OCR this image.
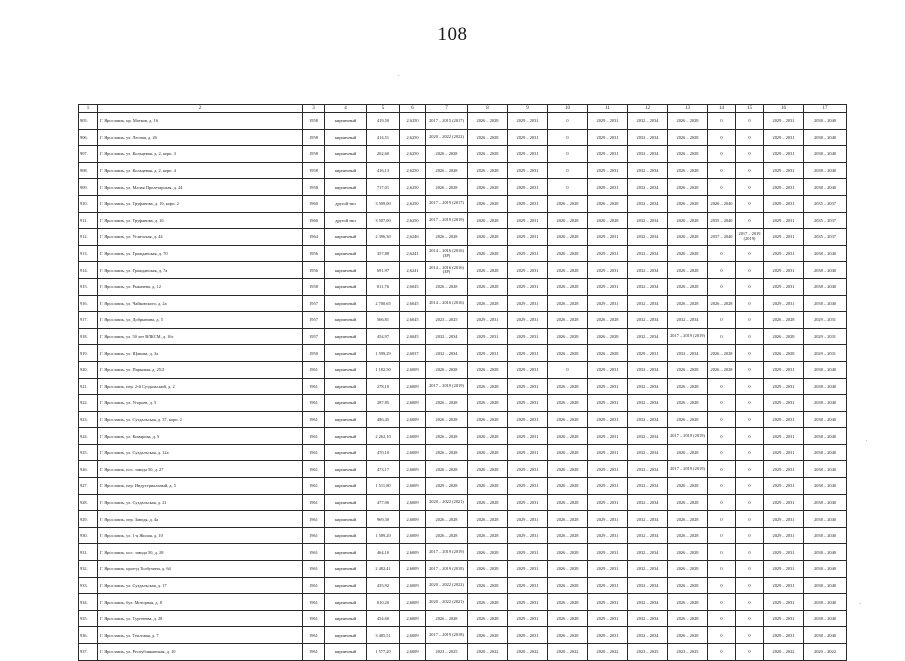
108
.
.
.
1	2	3	4	5	6	7	8	9	10	11	12	13	14	15	16	17
905.	Г. Ярославль, пр. Мотков, д. 16	1958	кирпичный	419,50	2,6250	2017 – 2015 (2017)	2026 – 2028	2029 – 2031	0	2029 – 2031	2032 – 2034	2026 – 2028	0	0	2029 – 2031	2038 – 2040
906.	Г. Ярославль, ул. Лесная, д. 26	1958	кирпичный	414,51	2,6250	2020 – 2022 (2022)	2026 – 2028	2029 – 2031	0	2029 – 2031	2032 – 2034	2026 – 2028	0	0	2029 – 2031	2038 – 2040
907.	Г. Ярославль, ул. Кольцевая, д. 2, корп. 3	1958	кирпичный	262,60	2,6250	2026 – 2028	2026 – 2028	2029 – 2031	0	2029 – 2031	2032 – 2034	2026 – 2028	0	0	2029 – 2031	2038 – 2040
908.	Г. Ярославль, ул. Кольцевая, д. 2, корп. 4	1958	кирпичный	416,13	2,6250	2026 – 2028	2026 – 2028	2029 – 2031	0	2029 – 2031	2032 – 2034	2026 – 2028	0	0	2029 – 2031	2038 – 2040
909.	Г. Ярославль, ул. Малая Пролетарская, д. 24	1958	кирпичный	717,01	2,6250	2026 – 2028	2026 – 2028	2029 – 2031	0	2029 – 2031	2032 – 2034	2026 – 2028	0	0	2029 – 2031	2038 – 2040
910.	Г. Ярославль, ул. Труфанова, д. 19, корп. 2	1960	другой тип	3 509,00	2,6250	2017 – 2019 (2017)	2026 – 2028	2029 – 2031	2026 – 2028	2026 – 2028	2032 – 2034	2026 – 2028	2026 – 2040	0	2029 – 2031	2035 – 2037
911.	Г. Ярославль, ул. Труфанова, д. 16	1960	другой тип	3 507,00	2,6250	2017 – 2019 (2019)	2026 – 2028	2029 – 2031	2026 – 2028	2026 – 2028	2032 – 2034	2026 – 2028	2035 – 2040	0	2029 – 2031	2035 – 2037
912.	Г. Ярославль, ул. Угличская, д. 44	1964	кирпичный	2 396,30	2,6246	2026 – 2028	2026 – 2028	2029 – 2031	2026 – 2028	2029 – 2031	2032 – 2034	2026 – 2028	2037 – 2040	2017 – 2019 (2019)	2029 – 2031	2035 – 2037
913.	Г. Ярославль, ул. Гражданская, д. 70	1956	кирпичный	357,88	2,6241	2014 – 2016 (2016) (ЗР)	2026 – 2028	2029 – 2031	2026 – 2028	2029 – 2031	2032 – 2034	2026 – 2028	0	0	2029 – 2031	2038 – 2040
914.	Г. Ярославль, ул. Гражданская, д. 7а	1956	кирпичный	691,97	2,6241	2014 – 2016 (2016) (ЗР)	2026 – 2028	2029 – 2031	2026 – 2028	2029 – 2031	2032 – 2034	2026 – 2028	0	0	2029 – 2031	2038 – 2040
915.	Г. Ярославль, ул. Рыкачева, д. 12	1958	кирпичный	811,76	2,6045	2026 – 2028	2026 – 2028	2029 – 2031	2026 – 2028	2029 – 2031	2032 – 2034	2026 – 2028	0	0	2029 – 2031	2038 – 2040
916.	Г. Ярославль, ул. Чайковского, д. 2а	1957	кирпичный	2 700,65	2,6045	2014 – 2016 (2016)	2026 – 2028	2029 – 2031	2026 – 2028	2029 – 2031	2032 – 2034	2026 – 2028	2026 – 2028	0	2029 – 2031	2038 – 2040
917.	Г. Ярославль, ул. Добрынина, д. 5	1957	кирпичный	566,81	2,6045	2023 – 2025	2029 – 2031	2029 – 2031	2026 – 2028	2026 – 2028	2032 – 2034	2032 – 2034	0	0	2026 – 2028	2029 – 2031
918.	Г. Ярославль, ул. 50 лет ВЛКСМ, д. 16г	1957	кирпичный	454,97	2,6045	2032 – 2034	2029 – 2031	2029 – 2031	2026 – 2028	2026 – 2028	2032 – 2034	2017 – 2019 (2019)	0	0	2026 – 2028	2029 – 2031
919.	Г. Ярославль, ул. Щапова, д. 3а	1950	кирпичный	1 599,29	2,6037	2032 – 2034	2029 – 2031	2029 – 2031	2026 – 2028	2026 – 2028	2029 – 2031	2032 – 2034	2026 – 2028	0	2026 – 2028	2029 – 2031
920.	Г. Ярославль, ул. Парковая, д. 25/2	1961	кирпичный	1 182,50	2,6009	2026 – 2028	2026 – 2028	2029 – 2031	0	2029 – 2031	2032 – 2034	2026 – 2028	2026 – 2028	0	2029 – 2031	2038 – 2040
921.	Г. Ярославль, пер. 2-й Суздальский, д. 2	1961	кирпичный	278,10	2,6009	2017 – 2019 (2019)	2026 – 2028	2029 – 2031	2026 – 2028	2029 – 2031	2032 – 2034	2026 – 2028	0	0	2029 – 2031	2038 – 2040
922.	Г. Ярославль, ул. Угорьев, д. 5	1961	кирпичный	287,85	2,6009	2026 – 2028	2026 – 2028	2029 – 2031	2026 – 2028	2029 – 2031	2032 – 2034	2026 – 2028	0	0	2029 – 2031	2038 – 2040
923.	Г. Ярославль, ул. Суздальская, д. 37, корп. 2	1961	кирпичный	486,45	2,6009	2026 – 2028	2026 – 2028	2029 – 2031	2026 – 2028	2029 – 2031	2032 – 2034	2026 – 2028	0	0	2029 – 2031	2038 – 2040
924.	Г. Ярославль, ул. Комарова, д. 5	1961	кирпичный	2 262,10	2,6009	2026 – 2028	2026 – 2028	2029 – 2031	2026 – 2028	2029 – 2031	2032 – 2034	2017 – 2019 (2019)	0	0	2029 – 2031	2038 – 2040
925.	Г. Ярославль, ул. Суздальская, д. 12а	1961	кирпичный	470,10	2,6009	2026 – 2028	2026 – 2028	2029 – 2031	2026 – 2028	2029 – 2031	2032 – 2034	2026 – 2028	0	0	2029 – 2031	2038 – 2040
926.	Г. Ярославль, пос. завода 50, д. 27	1961	кирпичный	473,17	2,6009	2026 – 2028	2026 – 2028	2029 – 2031	2026 – 2028	2029 – 2031	2032 – 2034	2017 – 2019 (2019)	0	0	2029 – 2031	2038 – 2040
927.	Г. Ярославль, пер. Индустриальный, д. 5	1961	кирпичный	1 511,80	2,6009	2029 – 2028	2026 – 2028	2029 – 2031	2026 – 2028	2029 – 2031	2032 – 2034	2026 – 2028	0	0	2029 – 2031	2038 – 2040
928.	Г. Ярославль, ул. Суздальская, д. 21	1961	кирпичный	477,00	2,6009	2020 – 2022 (2021)	2026 – 2028	2029 – 2031	2026 – 2028	2029 – 2031	2032 – 2034	2026 – 2028	0	0	2029 – 2031	2038 – 2040
929.	Г. Ярославль, пер. Заводя, д. 4а	1961	кирпичный	969,30	2,6009	2026 – 2028	2026 – 2028	2029 – 2031	2026 – 2028	2029 – 2031	2032 – 2034	2026 – 2028	0	0	2029 – 2031	2038 – 2040
930.	Г. Ярославль, ул. 1-я Жилая, д. 10	1961	кирпичный	1 589,20	2,6009	2026 – 2028	2026 – 2028	2029 – 2031	2026 – 2028	2029 – 2031	2032 – 2034	2026 – 2028	0	0	2029 – 2031	2038 – 2040
931.	Г. Ярославль, пос. завода 50, д. 28	1961	кирпичный	464,10	2,6009	2017 – 2019 (2019)	2026 – 2028	2029 – 2031	2026 – 2028	2029 – 2031	2032 – 2034	2026 – 2028	0	0	2029 – 2031	2038 – 2040
932.	Г. Ярославль, проезд Толбухина, д. 64	1961	кирпичный	2 482,41	2,6009	2017 – 2019 (2018)	2026 – 2028	2029 – 2031	2026 – 2028	2029 – 2031	2032 – 2034	2026 – 2028	0	0	2029 – 2031	2038 – 2040
933.	Г. Ярославль, ул. Суздальская, д. 17	1961	кирпичный	435,92	2,6009	2020 – 2022 (2022)	2026 – 2028	2029 – 2031	2026 – 2028	2029 – 2031	2032 – 2034	2026 – 2028	0	0	2029 – 2031	2038 – 2040
934.	Г. Ярославль, бул. Моторная, д. 8	1961	кирпичный	610,20	2,6009	2020 – 2022 (2021)	2026 – 2028	2029 – 2031	2026 – 2028	2029 – 2031	2032 – 2034	2026 – 2028	0	0	2029 – 2031	2038 – 2040
935.	Г. Ярославль, ул. Тургенева, д. 28	1961	кирпичный	454,60	2,6009	2026 – 2028	2026 – 2028	2029 – 2031	2026 – 2028	2029 – 2031	2032 – 2034	2026 – 2028	0	0	2029 – 2031	2038 – 2040
936.	Г. Ярославль, ул. Тепловая, д. 7	1961	кирпичный	3 485,51	2,6009	2017 – 2019 (2018)	2026 – 2028	2029 – 2031	2026 – 2028	2029 – 2031	2032 – 2034	2026 – 2028	0	0	2029 – 2031	2038 – 2040
937.	Г. Ярославль, ул. Республиканская, д. 10	1961	кирпичный	1 577,20	2,6009	2023 – 2025	2020 – 2022	2020 – 2022	2020 – 2022	2020 – 2022	2023 – 2025	2023 – 2025	0	0	2020 – 2022	2020 – 2022
